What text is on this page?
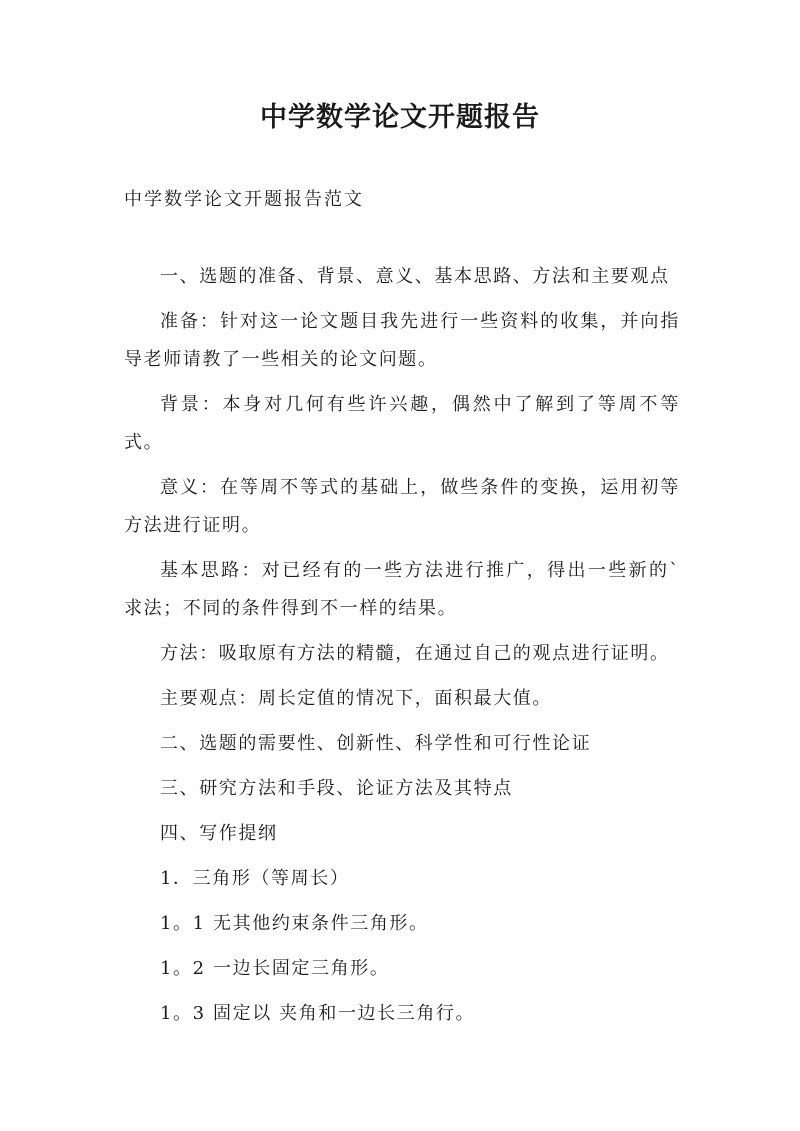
中学数学论文开题报告
中学数学论文开题报告范文

一、选题的准备、背景、意义、基本思路、方法和主要观点

准备：针对这一论文题目我先进行一些资料的收集，并向指导老师请教了一些相关的论文问题。

背景：本身对几何有些许兴趣，偶然中了解到了等周不等式。

意义：在等周不等式的基础上，做些条件的变换，运用初等方法进行证明。

基本思路：对已经有的一些方法进行推广，得出一些新的`求法；不同的条件得到不一样的结果。

方法：吸取原有方法的精髓，在通过自己的观点进行证明。

主要观点：周长定值的情况下，面积最大值。

二、选题的需要性、创新性、科学性和可行性论证

三、研究方法和手段、论证方法及其特点

四、写作提纲

1．三角形（等周长）

1。1 无其他约束条件三角形。

1。2 一边长固定三角形。

1。3 固定以 夹角和一边长三角行。
